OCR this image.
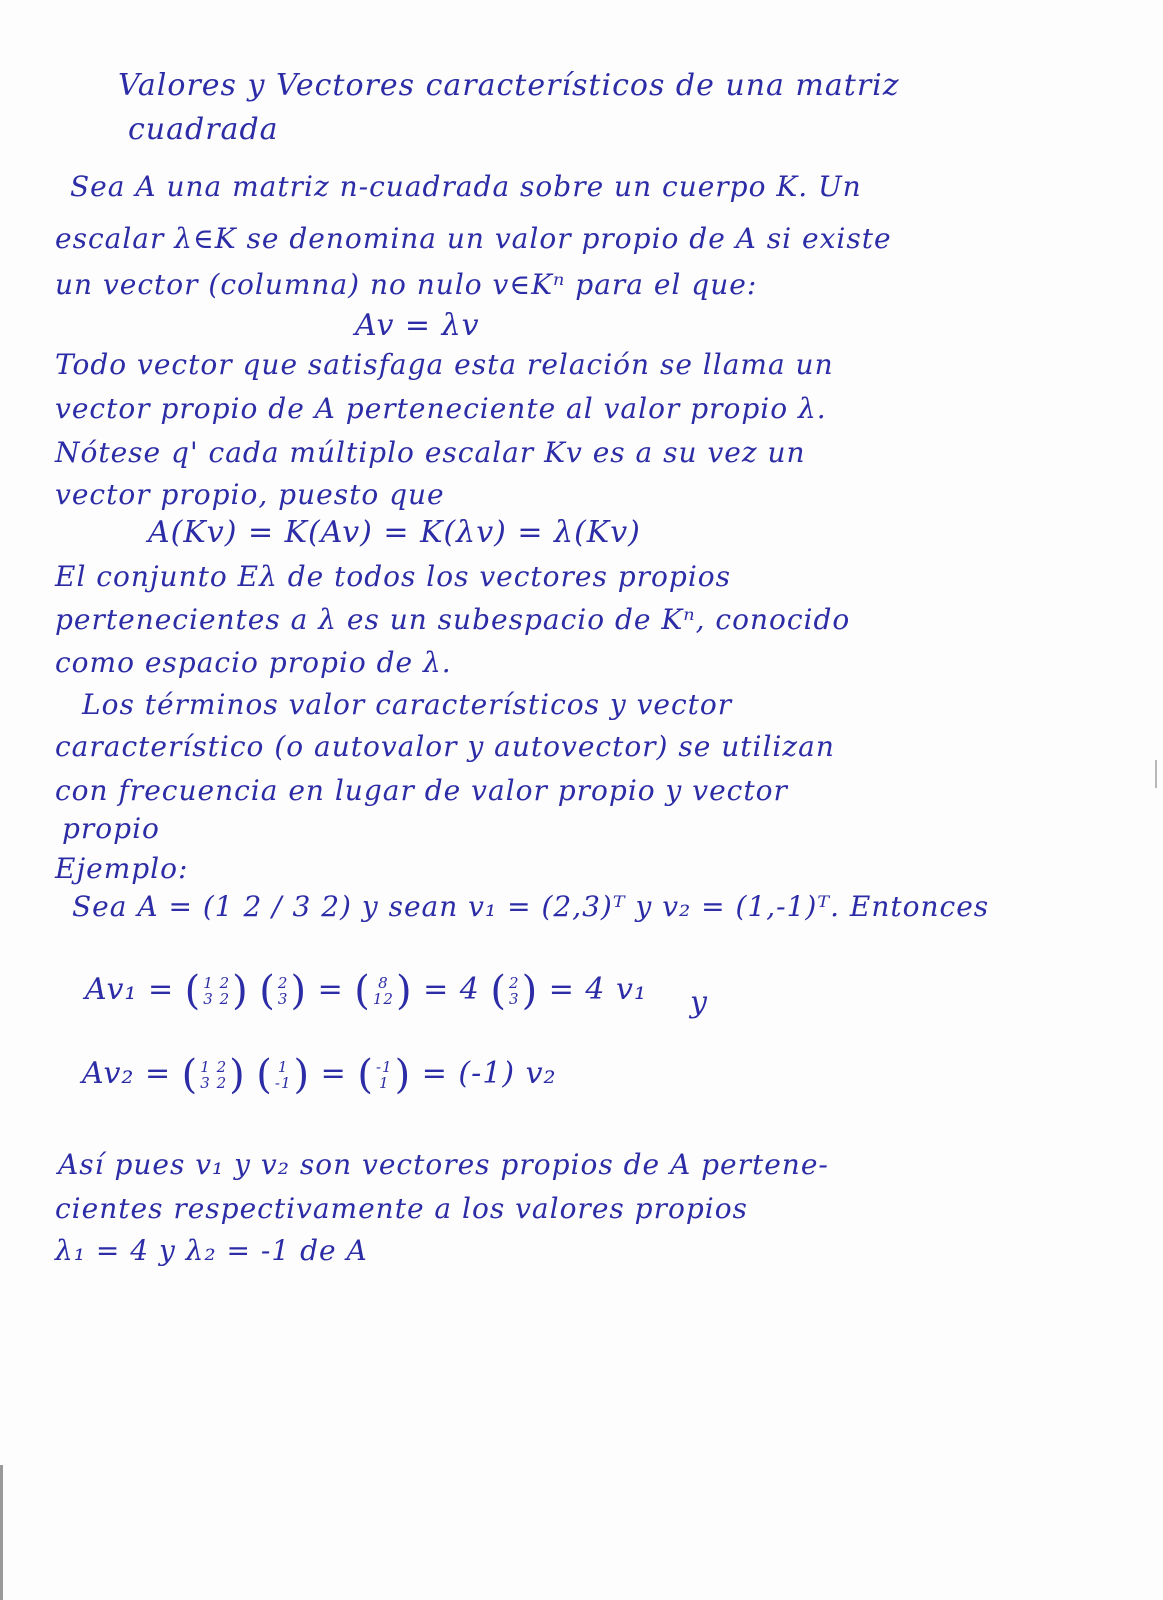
Valores y Vectores característicos de una matriz
cuadrada
Sea A una matriz n-cuadrada sobre un cuerpo K. Un
escalar λ∈K se denomina un valor propio de A si existe
un vector (columna) no nulo v∈Kⁿ para el que:
Av = λv
Todo vector que satisfaga esta relación se llama un
vector propio de A perteneciente al valor propio λ.
Nótese q' cada múltiplo escalar Kv es a su vez un
vector propio, puesto que
A(Kv) = K(Av) = K(λv) = λ(Kv)
El conjunto Eλ de todos los vectores propios
pertenecientes a λ es un subespacio de Kⁿ, conocido
como espacio propio de λ.
Los términos valor característicos y vector
característico (o autovalor y autovector) se utilizan
con frecuencia en lugar de valor propio y vector
propio
Ejemplo:
Sea A = (1 2 / 3 2) y sean v₁ = (2,3)ᵀ y v₂ = (1,-1)ᵀ. Entonces
Av₁ = ( 1 2
3 2) ( 2
3) = ( 8
12) = 4 ( 2
3) = 4 v₁ y
Av₂ = ( 1 2
3 2) ( 1
-1) = ( -1
1 ) = (-1) v₂
Así pues v₁ y v₂ son vectores propios de A pertene-
cientes respectivamente a los valores propios
λ₁ = 4 y λ₂ = -1 de A
